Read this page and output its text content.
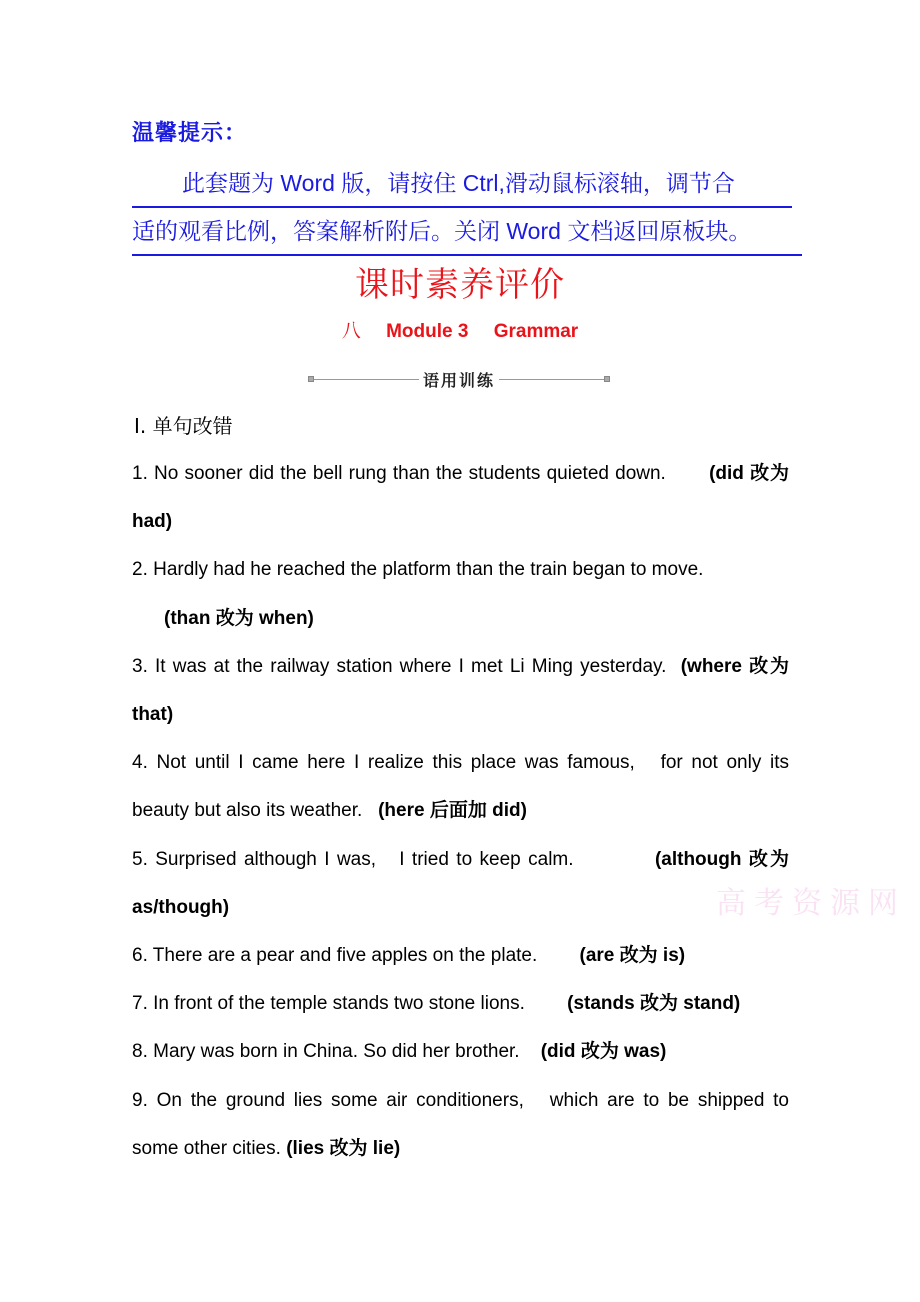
温馨提示：
此套题为 Word 版，请按住 Ctrl,滑动鼠标滚轴，调节合
适的观看比例，答案解析附后。关闭 Word 文档返回原板块。
课时素养评价
八 Module 3 Grammar
语用训练
Ⅰ. 单句改错
1. No sooner did the bell rung than the students quieted down. (did 改为 had)
2. Hardly had he reached the platform than the train began to move.
(than 改为 when)
3. It was at the railway station where I met Li Ming yesterday. (where 改为 that)
4. Not until I came here I realize this place was famous,　for not only its beauty but also its weather. (here 后面加 did)
5. Surprised although I was,　I tried to keep calm.	(although 改为 as/though)
6. There are a pear and five apples on the plate. (are 改为 is)
7. In front of the temple stands two stone lions. (stands 改为 stand)
8. Mary was born in China. So did her brother. (did 改为 was)
9. On the ground lies some air conditioners,　which are to be shipped to some other cities. (lies 改为 lie)
高考资源网
